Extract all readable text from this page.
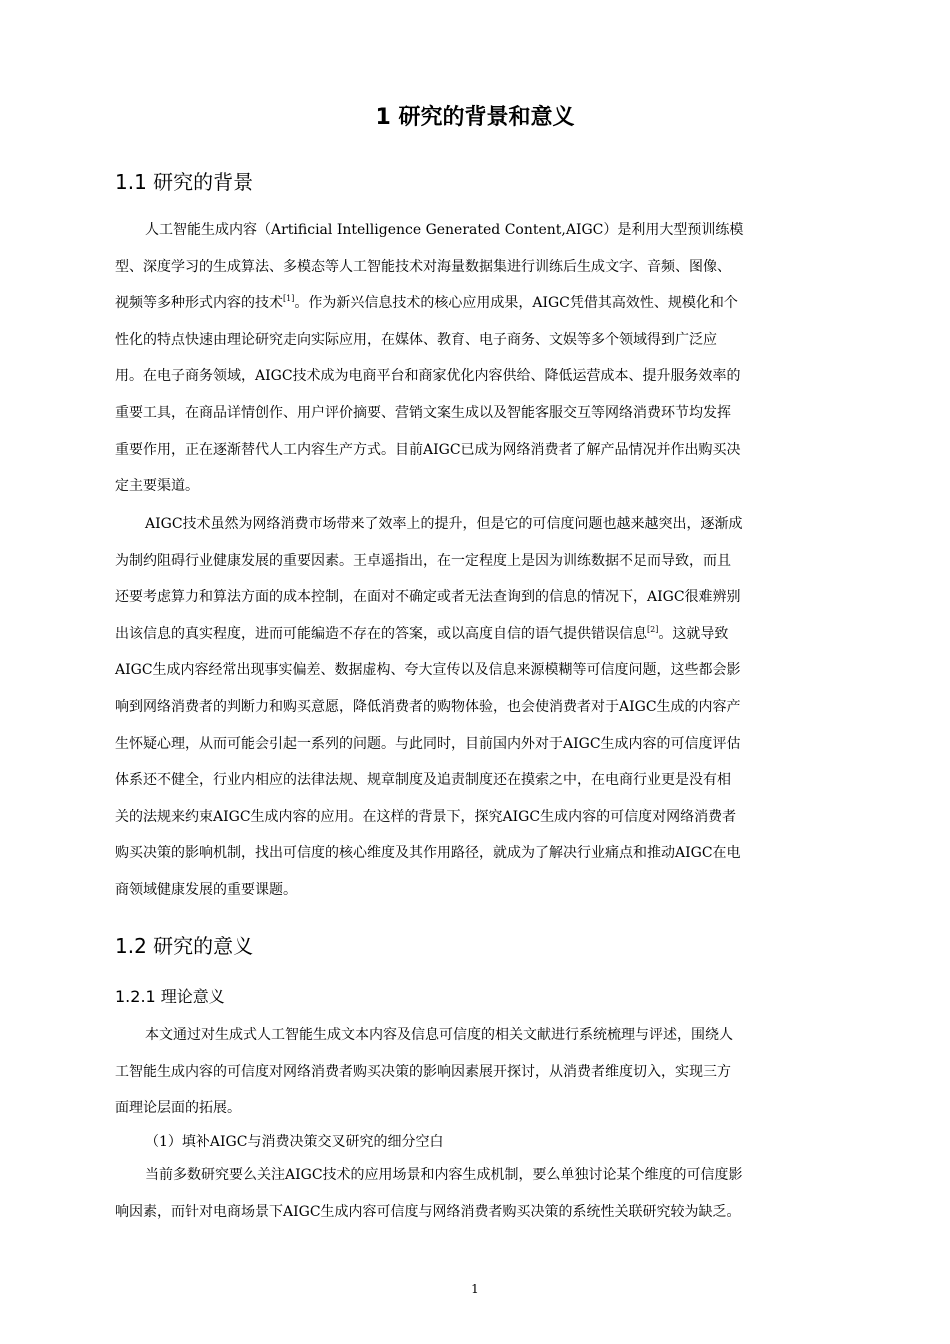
1 研究的背景和意义
1.1 研究的背景
人工智能生成内容（Artificial Intelligence Generated Content,AIGC）是利用大型预训练模
型、深度学习的生成算法、多模态等人工智能技术对海量数据集进行训练后生成文字、音频、图像、
视频等多种形式内容的技术[1]。作为新兴信息技术的核心应用成果，AIGC凭借其高效性、规模化和个
性化的特点快速由理论研究走向实际应用，在媒体、教育、电子商务、文娱等多个领域得到广泛应
用。在电子商务领域，AIGC技术成为电商平台和商家优化内容供给、降低运营成本、提升服务效率的
重要工具，在商品详情创作、用户评价摘要、营销文案生成以及智能客服交互等网络消费环节均发挥
重要作用，正在逐渐替代人工内容生产方式。目前AIGC已成为网络消费者了解产品情况并作出购买决
定主要渠道。
AIGC技术虽然为网络消费市场带来了效率上的提升，但是它的可信度问题也越来越突出，逐渐成
为制约阻碍行业健康发展的重要因素。王卓遥指出，在一定程度上是因为训练数据不足而导致，而且
还要考虑算力和算法方面的成本控制，在面对不确定或者无法查询到的信息的情况下，AIGC很难辨别
出该信息的真实程度，进而可能编造不存在的答案，或以高度自信的语气提供错误信息[2]。这就导致
AIGC生成内容经常出现事实偏差、数据虚构、夸大宣传以及信息来源模糊等可信度问题，这些都会影
响到网络消费者的判断力和购买意愿，降低消费者的购物体验，也会使消费者对于AIGC生成的内容产
生怀疑心理，从而可能会引起一系列的问题。与此同时，目前国内外对于AIGC生成内容的可信度评估
体系还不健全，行业内相应的法律法规、规章制度及追责制度还在摸索之中，在电商行业更是没有相
关的法规来约束AIGC生成内容的应用。在这样的背景下，探究AIGC生成内容的可信度对网络消费者
购买决策的影响机制，找出可信度的核心维度及其作用路径，就成为了解决行业痛点和推动AIGC在电
商领域健康发展的重要课题。
1.2 研究的意义
1.2.1 理论意义
本文通过对生成式人工智能生成文本内容及信息可信度的相关文献进行系统梳理与评述，围绕人
工智能生成内容的可信度对网络消费者购买决策的影响因素展开探讨，从消费者维度切入，实现三方
面理论层面的拓展。
（1）填补AIGC与消费决策交叉研究的细分空白
当前多数研究要么关注AIGC技术的应用场景和内容生成机制，要么单独讨论某个维度的可信度影
响因素，而针对电商场景下AIGC生成内容可信度与网络消费者购买决策的系统性关联研究较为缺乏。
1
